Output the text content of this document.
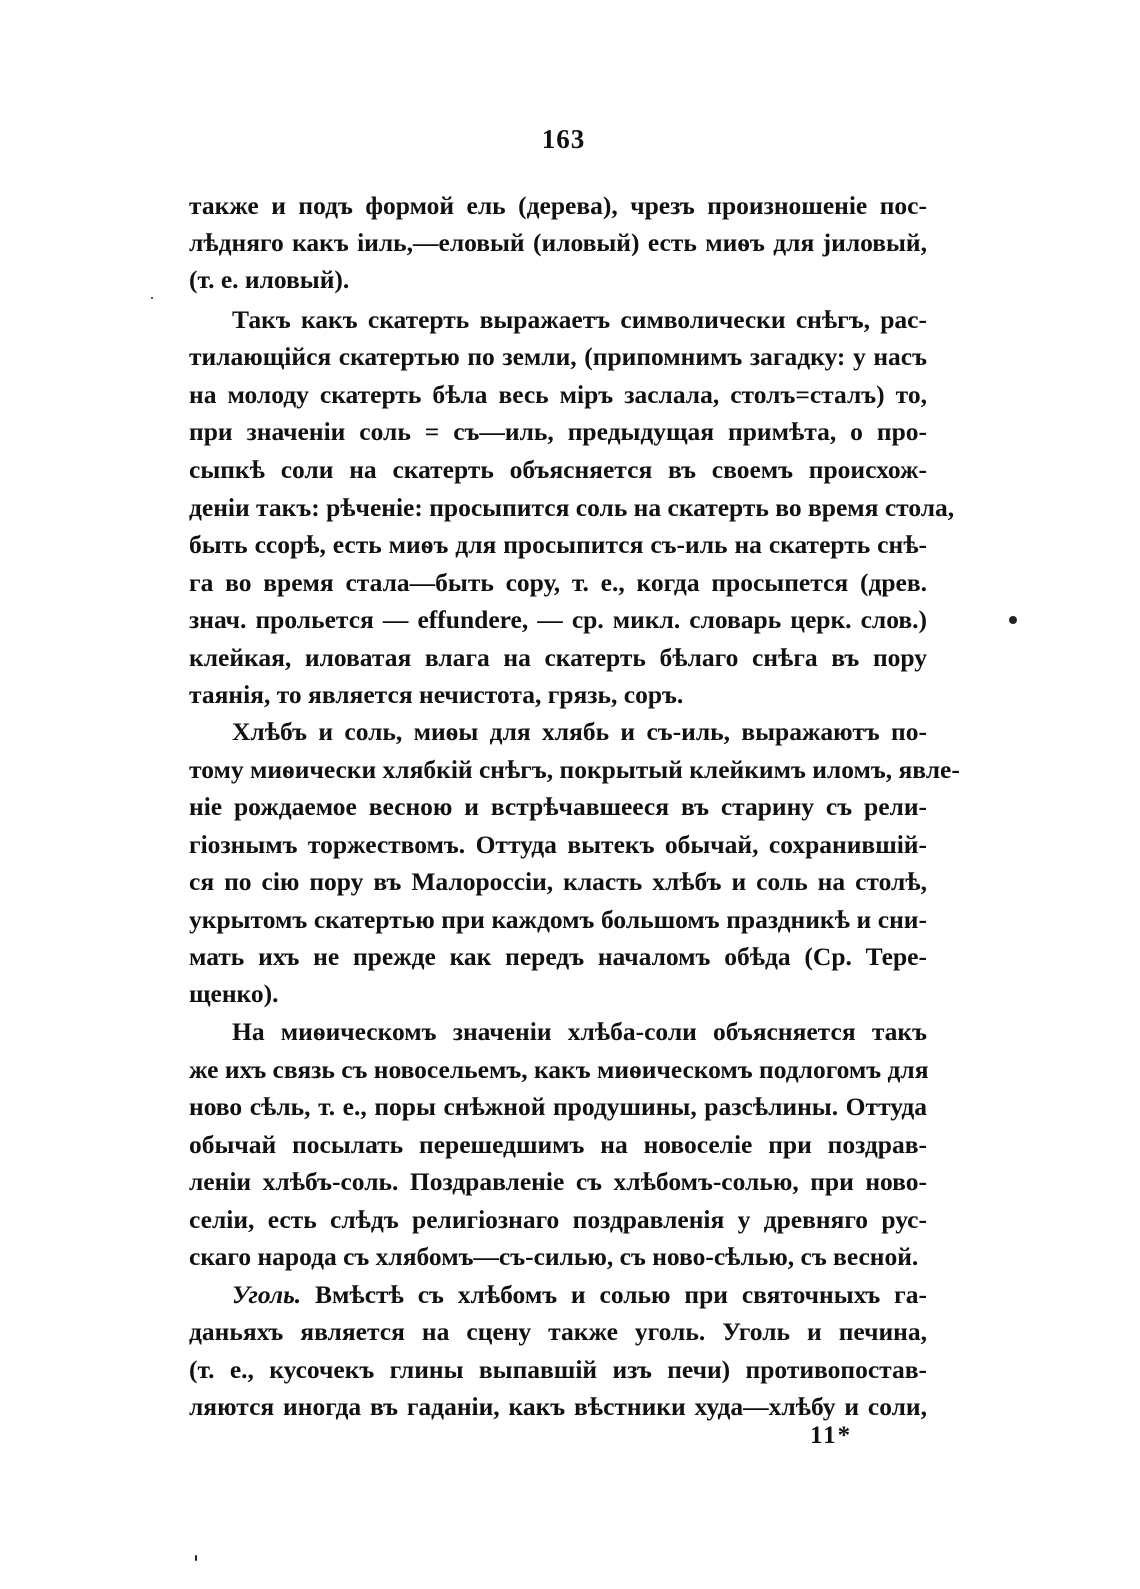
163
также и подъ формой ель (дерева), чрезъ произношеніе пос-
лѣдняго какъ іиль,—еловый (иловый) есть миѳъ для јиловый,
(т. е. иловый).
Такъ какъ скатерть выражаетъ символически снѣгъ, рас-
тилающійся скатертью по земли, (припомнимъ загадку: у насъ
на молоду скатерть бѣла весь міръ заслала, столъ=сталъ) то,
при значеніи соль = съ—иль, предыдущая примѣта, о про-
сыпкѣ соли на скатерть объясняется въ своемъ происхож-
деніи такъ: рѣченіе: просыпится соль на скатерть во время стола,
быть ссорѣ, есть миѳъ для просыпится съ-иль на скатерть снѣ-
га во время стала—быть сору, т. е., когда просыпется (древ.
знач. прольется — effundere, — ср. микл. словарь церк. слов.)
клейкая, иловатая влага на скатерть бѣлаго снѣга въ пору
таянія, то является нечистота, грязь, соръ.
Хлѣбъ и соль, миѳы для хлябь и съ-иль, выражаютъ по-
тому миѳически хлябкій снѣгъ, покрытый клейкимъ иломъ, явле-
ніе рождаемое весною и встрѣчавшееся въ старину съ рели-
гіознымъ торжествомъ. Оттуда вытекъ обычай, сохранившій-
ся по сію пору въ Малороссіи, класть хлѣбъ и соль на столѣ,
укрытомъ скатертью при каждомъ большомъ праздникѣ и сни-
мать ихъ не прежде как передъ началомъ обѣда (Ср. Тере-
щенко).
На миѳическомъ значеніи хлѣба-соли объясняется такъ
же ихъ связь съ новосельемъ, какъ миѳическомъ подлогомъ для
ново сѣль, т. е., поры снѣжной продушины, разсѣлины. Оттуда
обычай посылать перешедшимъ на новоселіе при поздрав-
леніи хлѣбъ-соль. Поздравленіе съ хлѣбомъ-солью, при ново-
селіи, есть слѣдъ религіознаго поздравленія у древняго рус-
скаго народа съ хлябомъ—съ-силью, съ ново-сѣлью, съ весной.
Уголь. Вмѣстѣ съ хлѣбомъ и солью при святочныхъ га-
даньяхъ является на сцену также уголь. Уголь и печина,
(т. е., кусочекъ глины выпавшій изъ печи) противопостав-
ляются иногда въ гаданіи, какъ вѣстники худа—хлѣбу и соли,
11*
